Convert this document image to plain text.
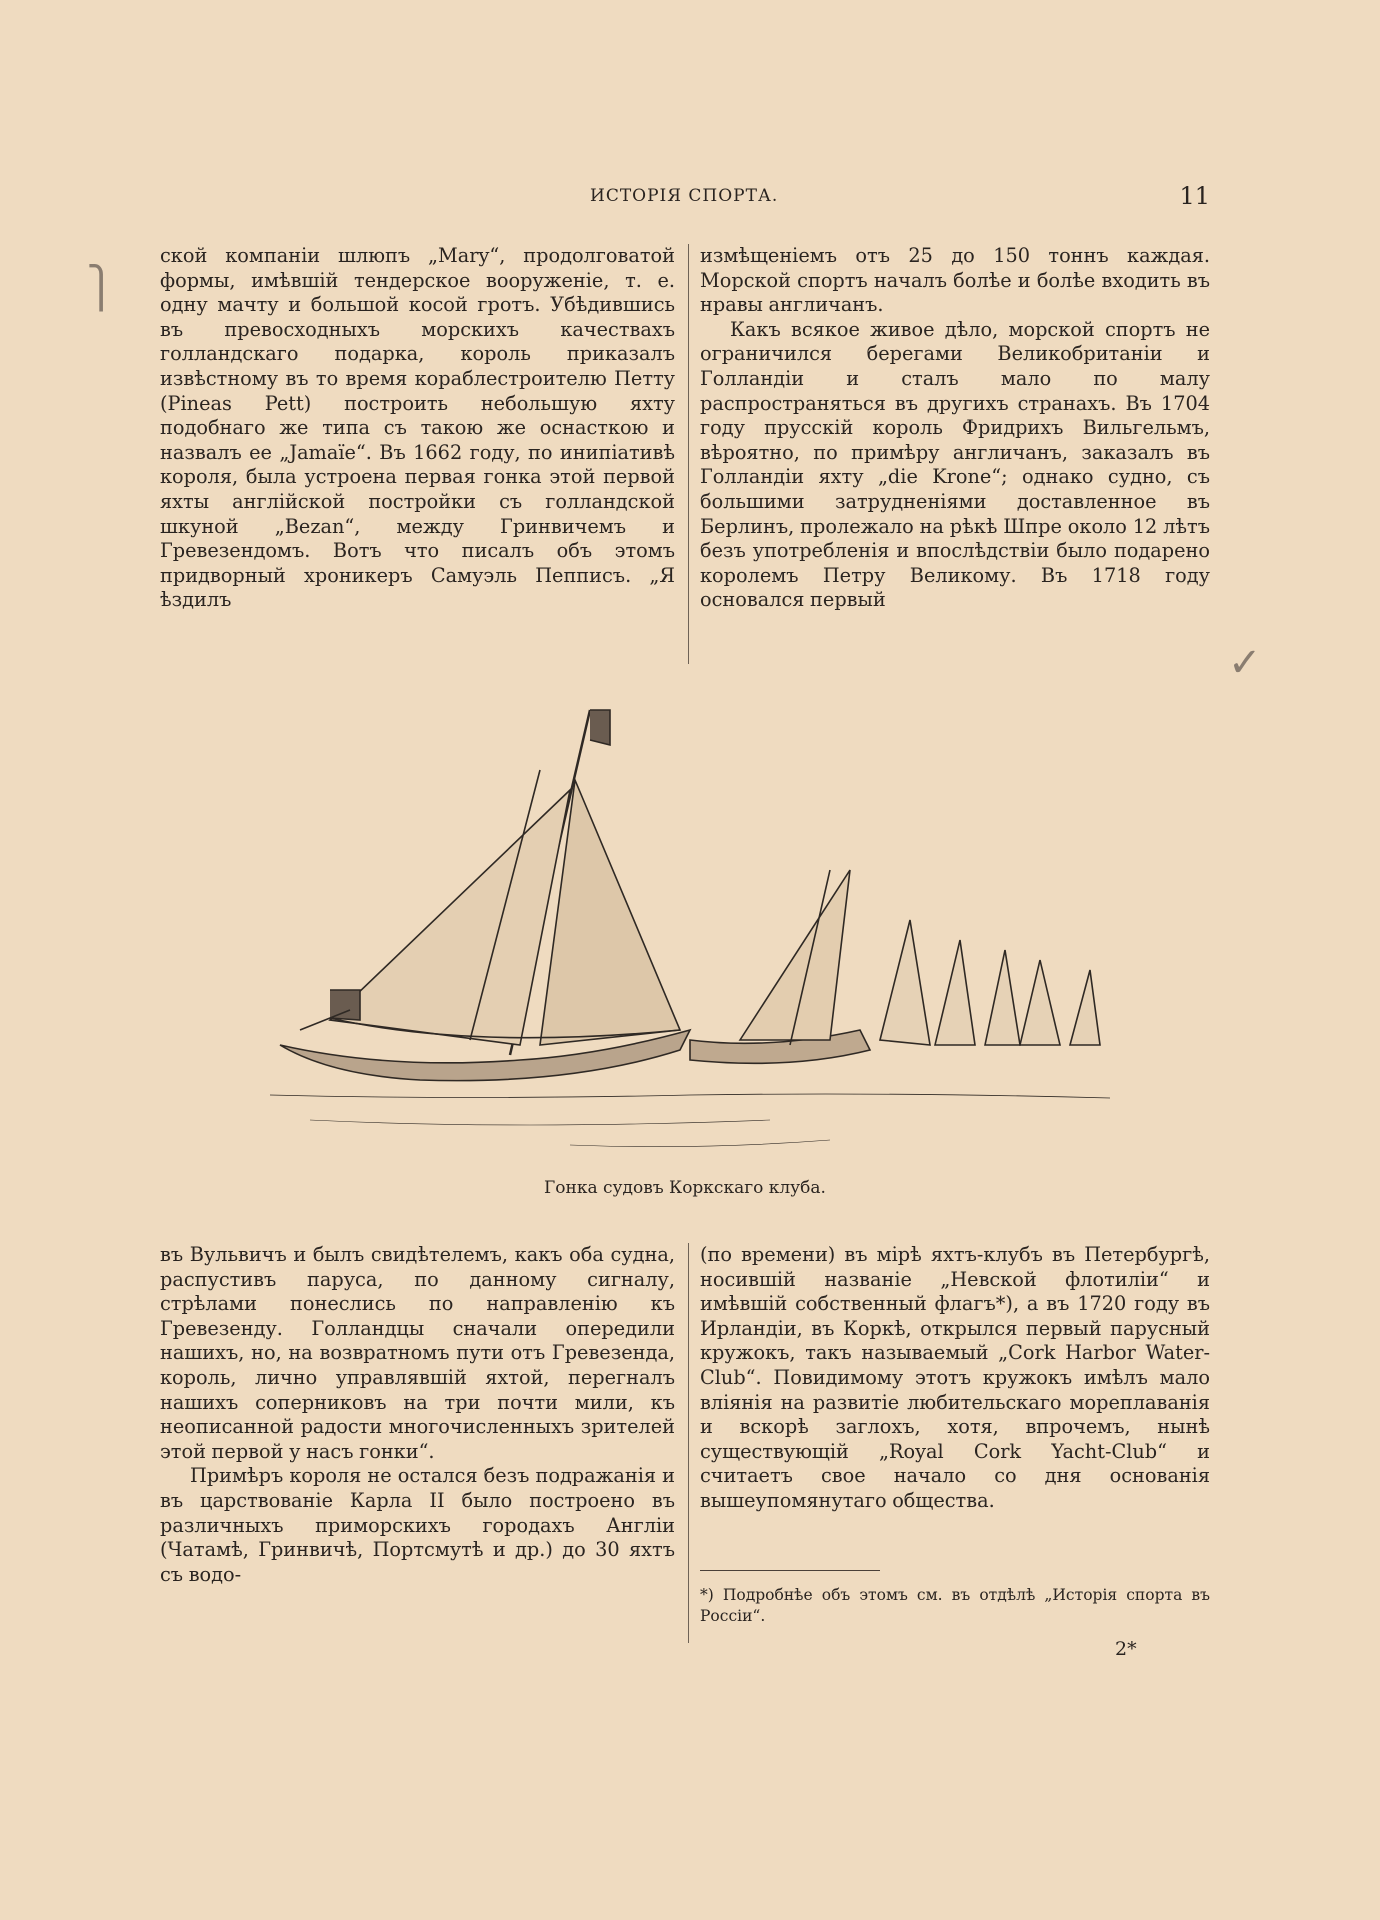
ИСТОРІЯ СПОРТА.	11

ской компаніи шлюпъ „Mary“, продолговатой формы, имѣвшій тендерское вооруженіе, т. е. одну мачту и большой косой гротъ. Убѣдившись въ превосходныхъ морскихъ качествахъ голландскаго подарка, король приказалъ извѣстному въ то время кораблестроителю Петту (Pineas Pett) построить небольшую яхту подобнаго же типа съ такою же оснасткою и назвалъ ее „Jamaïe“. Въ 1662 году, по инипіативѣ короля, была устроена первая гонка этой первой яхты англійской постройки съ голландской шкуной „Bezan“, между Гринвичемъ и Гревезендомъ. Вотъ что писалъ объ этомъ придворный хроникеръ Самуэль Пепписъ. „Я ѣздилъ

измѣщеніемъ отъ 25 до 150 тоннъ каждая. Морской спортъ началъ болѣе и болѣе входить въ нравы англичанъ.

Какъ всякое живое дѣло, морской спортъ не ограничился берегами Великобританіи и Голландіи и сталъ мало по малу распространяться въ другихъ странахъ. Въ 1704 году прусскій король Фридрихъ Вильгельмъ, вѣроятно, по примѣру англичанъ, заказалъ въ Голландіи яхту „die Krone“; однако судно, съ большими затрудненіями доставленное въ Берлинъ, пролежало на рѣкѣ Шпре около 12 лѣтъ безъ употребленія и впослѣдствіи было подарено королемъ Петру Великому. Въ 1718 году основался первый

Гонка судовъ Коркскаго клуба.

въ Вульвичъ и былъ свидѣтелемъ, какъ оба судна, распустивъ паруса, по данному сигналу, стрѣлами понеслись по направленію къ Гревезенду. Голландцы сначали опередили нашихъ, но, на возвратномъ пути отъ Гревезенда, король, лично управлявшій яхтой, перегналъ нашихъ соперниковъ на три почти мили, къ неописанной радости многочисленныхъ зрителей этой первой у насъ гонки“.

Примѣръ короля не остался безъ подражанія и въ царствованіе Карла II было построено въ различныхъ приморскихъ городахъ Англіи (Чатамѣ, Гринвичѣ, Портсмутѣ и др.) до 30 яхтъ съ водо-

(по времени) въ мірѣ яхтъ-клубъ въ Петербургѣ, носившій названіе „Невской флотиліи“ и имѣвшій собственный флагъ*), а въ 1720 году въ Ирландіи, въ Коркѣ, открылся первый парусный кружокъ, такъ называемый „Cork Harbor Water-Club“. Повидимому этотъ кружокъ имѣлъ мало вліянія на развитіе любительскаго мореплаванія и вскорѣ заглохъ, хотя, впрочемъ, нынѣ существующій „Royal Cork Yacht-Club“ и считаетъ свое начало со дня основанія вышеупомянутаго общества.

*) Подробнѣе объ этомъ см. въ отдѣлѣ „Исторія спорта въ Россіи“.
2*
⎫
✓
